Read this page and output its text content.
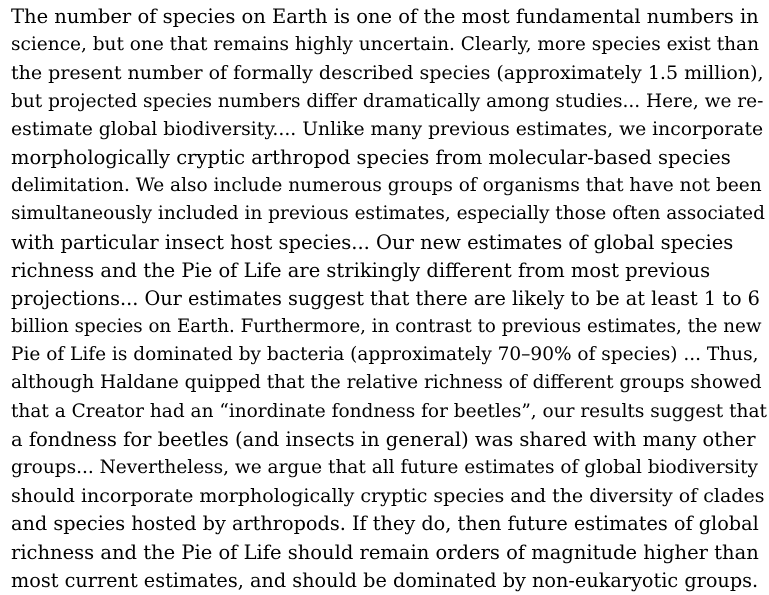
The number of species on Earth is one of the most fundamental numbers in
science, but one that remains highly uncertain. Clearly, more species exist than
the present number of formally described species (approximately 1.5 million),
but projected species numbers differ dramatically among studies... Here, we re-
estimate global biodiversity.... Unlike many previous estimates, we incorporate
morphologically cryptic arthropod species from molecular-based species
delimitation. We also include numerous groups of organisms that have not been
simultaneously included in previous estimates, especially those often associated
with particular insect host species... Our new estimates of global species
richness and the Pie of Life are strikingly different from most previous
projections... Our estimates suggest that there are likely to be at least 1 to 6
billion species on Earth. Furthermore, in contrast to previous estimates, the new
Pie of Life is dominated by bacteria (approximately 70–90% of species) ... Thus,
although Haldane quipped that the relative richness of different groups showed
that a Creator had an “inordinate fondness for beetles”, our results suggest that
a fondness for beetles (and insects in general) was shared with many other
groups... Nevertheless, we argue that all future estimates of global biodiversity
should incorporate morphologically cryptic species and the diversity of clades
and species hosted by arthropods. If they do, then future estimates of global
richness and the Pie of Life should remain orders of magnitude higher than
most current estimates, and should be dominated by non-eukaryotic groups.
